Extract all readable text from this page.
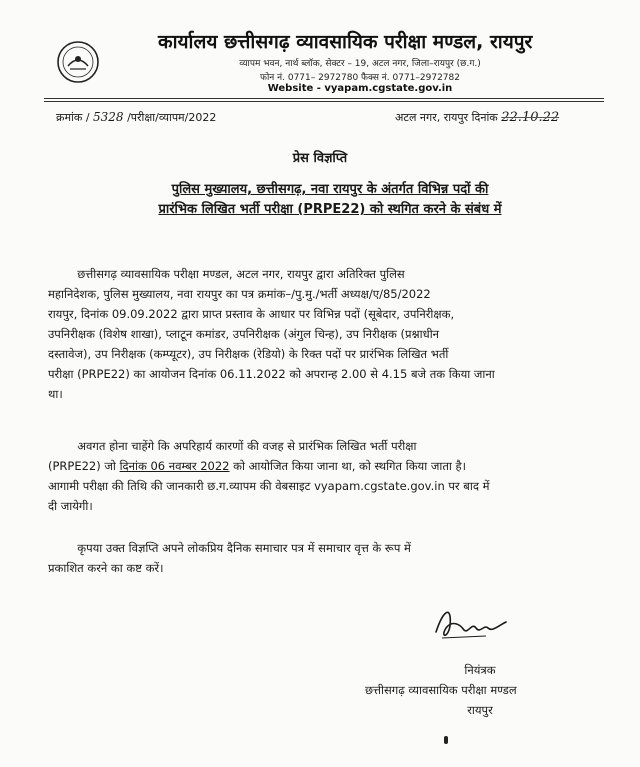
कार्यालय छत्तीसगढ़ व्यावसायिक परीक्षा मण्डल, रायपुर
व्यापम भवन, नार्थ ब्लॉक, सेक्टर – 19, अटल नगर, जिला–रायपुर (छ.ग.)
फोन नं. 0771– 2972780 फैक्स नं. 0771–2972782
Website - vyapam.cgstate.gov.in
क्रमांक / 5328 /परीक्षा/व्यापम/2022	अटल नगर, रायपुर दिनांक 22.10.22
प्रेस विज्ञप्ति
पुलिस मुख्यालय, छत्तीसगढ़, नवा रायपुर के अंतर्गत विभिन्न पदों की
प्रारंभिक लिखित भर्ती परीक्षा (PRPE22) को स्थगित करने के संबंध में
छत्तीसगढ़ व्यावसायिक परीक्षा मण्डल, अटल नगर, रायपुर द्वारा अतिरिक्त पुलिस
महानिदेशक, पुलिस मुख्यालय, नवा रायपुर का पत्र क्रमांक–/पु.मु./भर्ती अध्यक्ष/ए/85/2022
रायपुर, दिनांक 09.09.2022 द्वारा प्राप्त प्रस्ताव के आधार पर विभिन्न पदों (सूबेदार, उपनिरीक्षक,
उपनिरीक्षक (विशेष शाखा), प्लाटून कमांडर, उपनिरीक्षक (अंगुल चिन्ह), उप निरीक्षक (प्रश्नाधीन
दस्तावेज), उप निरीक्षक (कम्प्यूटर), उप निरीक्षक (रेडियो) के रिक्त पदों पर प्रारंभिक लिखित भर्ती
परीक्षा (PRPE22) का आयोजन दिनांक 06.11.2022 को अपरान्ह 2.00 से 4.15 बजे तक किया जाना
था।
अवगत होना चाहेंगे कि अपरिहार्य कारणों की वजह से प्रारंभिक लिखित भर्ती परीक्षा
(PRPE22) जो दिनांक 06 नवम्बर 2022 को आयोजित किया जाना था, को स्थगित किया जाता है।
आगामी परीक्षा की तिथि की जानकारी छ.ग.व्यापम की वेबसाइट vyapam.cgstate.gov.in पर बाद में
दी जायेगी।
कृपया उक्त विज्ञप्ति अपने लोकप्रिय दैनिक समाचार पत्र में समाचार वृत्त के रूप में
प्रकाशित करने का कष्ट करें।
नियंत्रक
छत्तीसगढ़ व्यावसायिक परीक्षा मण्डल
रायपुर
